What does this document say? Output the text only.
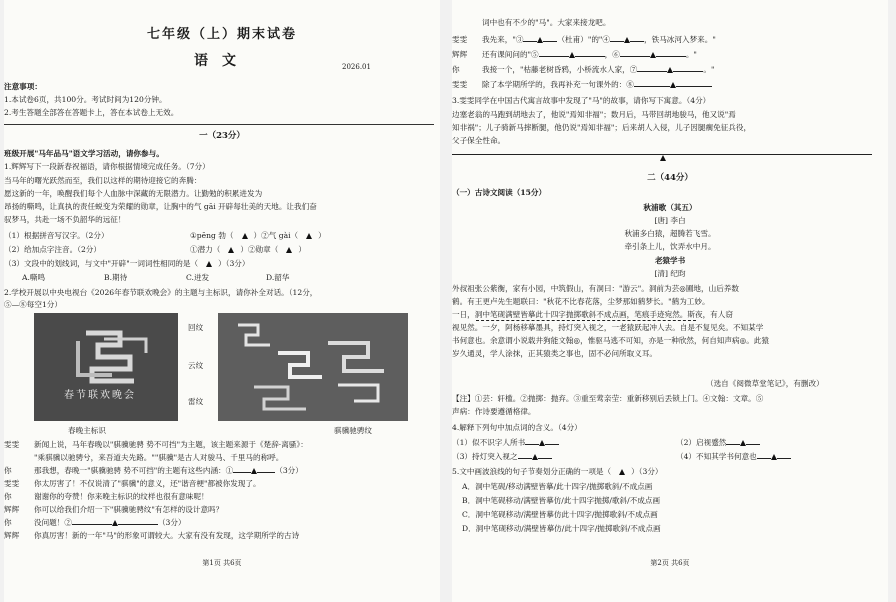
七年级（上）期末试卷
语文	2026.01
注意事项：
1.本试卷6页，共100分。考试时间为120分钟。
2.考生答题全部答在答题卡上，答在本试卷上无效。
一（23分）
班级开展"马年品马"语文学习活动，请你参与。
1.辉辉写下一段新春祝福语，请你根据情境完成任务。（7分）
当马年的曙光跃然而至，我们以这样的期待迎接它的奔腾：
愿这新的一年，唤醒我们每个人血脉中深藏的无限潜力。让勤勉的积累进发为
昂扬的嘶鸣，让真执的责任蜕变为荣耀的勋章，让胸中的气 gāi 开辟每壮美的天地。让我们奋
驭梦马，共赴一场不负韶华的远征！
（1）根据拼音写汉字。（2分）	①pēng 勃（	）②气 gài（	）
（2）给加点字注音。（2分）	①潜力（	）②勋章（	）
（3）文段中的划线词，与文中"开辟"一词词性相同的是（	）（3分）
A.嘶鸣	B.期待	C.迸发	D.韶华
2.学校开展以中央电视台《2026年春节联欢晚会》的主题与主标识，请你补全对话。（12分，
⑤—⑧每空1分）
春节联欢晚会
回纹
云纹
雷纹
春晚主标识	骐骥驰骋纹
雯雯 新闻上说，马年春晚以"骐骥驰骋 势不可挡"为主题，该主题来源于《楚辞·离骚》：
"乘骐骥以驰骋兮，来吾道夫先路。""骐骥"是古人对骏马、千里马的称呼。
你	那我想，春晚一"骐骥驰骋 势不可挡"的主题有这些内涵：①	（3分）
雯雯 你太厉害了！不仅说清了"骐骥"的意义，还"谐音梗"都被你发现了。
你	谢谢你的夸赞！你来晚主标识的纹样也很有意味呢！
辉辉 你可以给我们介绍一下"骐骥驰骋纹"有怎样的设计意吗？
你	没问题！②	（3分）
辉辉 你真厉害！新的一年"马"的形象可谓较大。大家有没有发现，这学期所学的古诗
第1页 共6页
词中也有不少的"马"。大家来接龙吧。
雯雯 我先来，"③	（杜甫）"的"④	，铁马冰河入梦来。"
辉辉 还有课间问的"⑤	，⑥	。"
你	我接一个，"枯藤老树昏鸦，小桥流水人家，⑦	。"
雯雯 除了本学期所学的，我再补充一句课外的：⑧
3.雯雯同学在中国古代寓言故事中发现了"马"的故事，请你写下寓意。（4分）
边塞老翁的马跑到胡地去了，他说"焉知非福"；数月后，马带回胡地骏马，他又说"焉
知非祸"；儿子骑新马摔断腿，他仍说"焉知非福"；后来胡人入侵，儿子因腿瘸免征兵役，
父子保全性命。
二（44分）
（一）古诗文阅读（15分）
秋浦歌（其五）
[唐] 李白
秋浦多白猿，超腾若飞雪。
牵引条上儿，饮弄水中月。
老猿学书
[清] 纪昀
外叔祖张公紫衡，家有小园，中筑假山，有洞曰："游云"。洞前为芸◎圃地，山后养数
鹤。有王更卢先生题联曰："秋花不比春花落，尘梦那如鹤梦长。"鹤为工妙。
一日，洞中笔砚满壁皆摹此十四字抛掷歌斜不成点画，笔痕手迹宛然。斯夜，有人窃
视见然。一夕，阿杨移摹墨具，持灯突入视之，一老猿跃起冲人去。自是不复见矣。不知某学
书何意也。余意谓小说载井狗能文翰◎，惟驱马逃不可知，亦是一种欣然，何自知声病◎。此猿
岁久通灵，学人涂抹，正其猿类之事也，固不必问所取义耳。
（选自《阅微草堂笔记》，有删改）
【注】①芸：轩槛。②抛掷：抛弃。③重至莺亲茔：重新移别后丢锁上门。④文翰：文章。⑤
声病：作诗要遵循格律。
4.解释下列句中加点词的含义。（4分）
（1）似不识字人所书	（2）启视蹙然
（3）持灯突入视之	（4）不知其学书何意也
5.文中画波浪线的句子节奏划分正确的一项是（	）（3分）
A．洞中笔砚/移动满壁皆摹/此十四字/抛掷歌斜/不成点画
B．洞中笔砚移动/满壁皆摹仿/此十四字抛掷/歌斜/不成点画
C．洞中笔砚移动/满壁皆摹仿此十四字/抛掷歌斜/不成点画
D．洞中笔砚移动/满壁皆摹仿/此十四字/抛掷歌斜/不成点画
第2页 共6页
